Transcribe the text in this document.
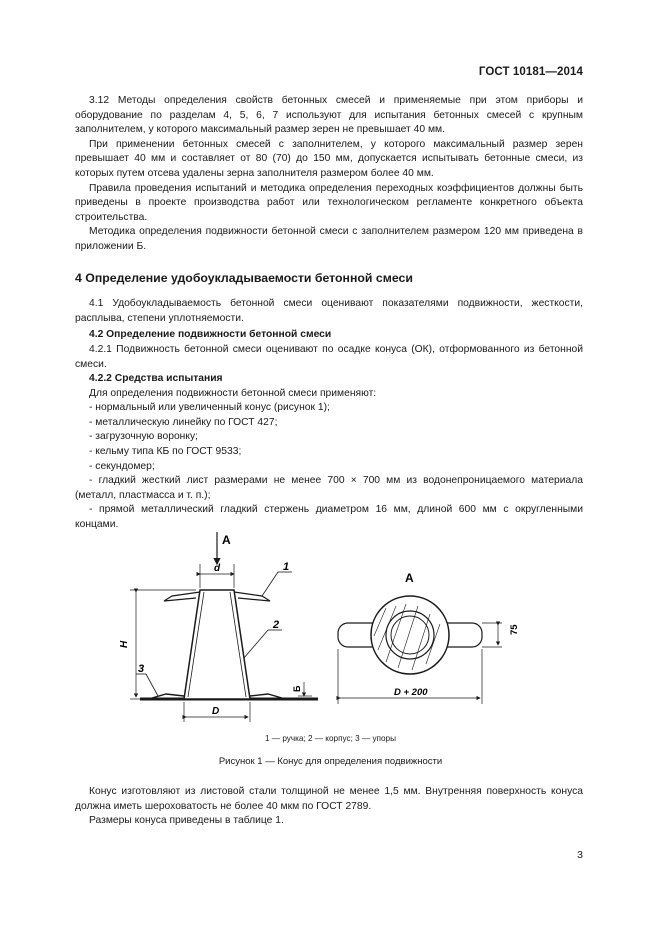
ГОСТ 10181—2014

3.12 Методы определения свойств бетонных смесей и применяемые при этом приборы и оборудование по разделам 4, 5, 6, 7 используют для испытания бетонных смесей с крупным заполнителем, у которого максимальный размер зерен не превышает 40 мм.

При применении бетонных смесей с заполнителем, у которого максимальный размер зерен превышает 40 мм и составляет от 80 (70) до 150 мм, допускается испытывать бетонные смеси, из которых путем отсева удалены зерна заполнителя размером более 40 мм.

Правила проведения испытаний и методика определения переходных коэффициентов должны быть приведены в проекте производства работ или технологическом регламенте конкретного объекта строительства.

Методика определения подвижности бетонной смеси с заполнителем размером 120 мм приведена в приложении Б.

4 Определение удобоукладываемости бетонной смеси

4.1 Удобоукладываемость бетонной смеси оценивают показателями подвижности, жесткости, расплыва, степени уплотняемости.

4.2 Определение подвижности бетонной смеси

4.2.1 Подвижность бетонной смеси оценивают по осадке конуса (ОК), отформованного из бетонной смеси.

4.2.2 Средства испытания

Для определения подвижности бетонной смеси применяют:

- нормальный или увеличенный конус (рисунок 1);

- металлическую линейку по ГОСТ 427;

- загрузочную воронку;

- кельму типа КБ по ГОСТ 9533;

- секундомер;

- гладкий жесткий лист размерами не менее 700 × 700 мм из водонепроницаемого материала (металл, пластмасса и т. п.);

- прямой металлический гладкий стержень диаметром 16 мм, длиной 600 мм с округленными концами.

А
d
H
D
Б
1
2
3
А
D + 200
75
1 — ручка; 2 — корпус; 3 — упоры
Рисунок 1 — Конус для определения подвижности

Конус изготовляют из листовой стали толщиной не менее 1,5 мм. Внутренняя поверхность конуса должна иметь шероховатость не более 40 мкм по ГОСТ 2789.

Размеры конуса приведены в таблице 1.

3
